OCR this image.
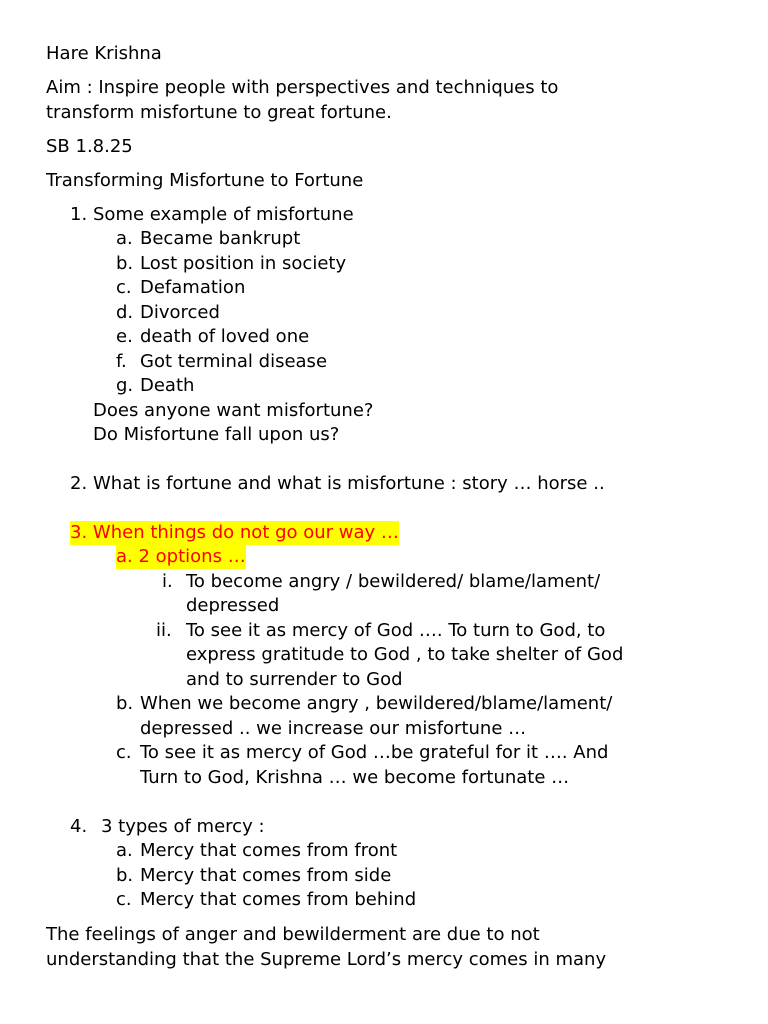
Hare Krishna
Aim : Inspire people with perspectives and techniques to
transform misfortune to great fortune.
SB 1.8.25
Transforming Misfortune to Fortune
1. Some example of misfortune
a. Became bankrupt
b. Lost position in society
c. Defamation
d. Divorced
e. death of loved one
f. Got terminal disease
g. Death
Does anyone want misfortune?
Do Misfortune fall upon us?
2. What is fortune and what is misfortune : story … horse ..
3. When things do not go our way …
a. 2 options …
i. To become angry / bewildered/ blame/lament/
depressed
ii. To see it as mercy of God …. To turn to God, to
express gratitude to God , to take shelter of God
and to surrender to God
b. When we become angry , bewildered/blame/lament/
depressed .. we increase our misfortune …
c. To see it as mercy of God …be grateful for it …. And
Turn to God, Krishna … we become fortunate …
4. 3 types of mercy :
a. Mercy that comes from front
b. Mercy that comes from side
c. Mercy that comes from behind
The feelings of anger and bewilderment are due to not
understanding that the Supreme Lord’s mercy comes in many
